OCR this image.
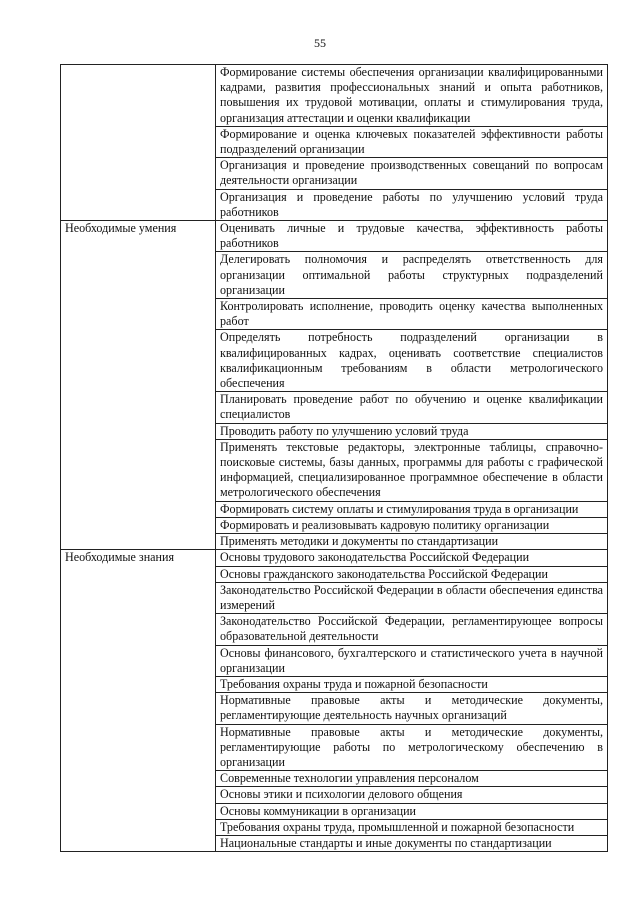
55
	Формирование системы обеспечения организации квалифицированными кадрами, развития профессиональных знаний и опыта работников, повышения их трудовой мотивации, оплаты и стимулирования труда, организация аттестации и оценки квалификации
	Формирование и оценка ключевых показателей эффективности работы подразделений организации
	Организация и проведение производственных совещаний по вопросам деятельности организации
	Организация и проведение работы по улучшению условий труда работников
Необходимые умения	Оценивать личные и трудовые качества, эффективность работы работников
	Делегировать полномочия и распределять ответственность для организации оптимальной работы структурных подразделений организации
	Контролировать исполнение, проводить оценку качества выполненных работ
	Определять потребность подразделений организации в квалифицированных кадрах, оценивать соответствие специалистов квалификационным требованиям в области метрологического обеспечения
	Планировать проведение работ по обучению и оценке квалификации специалистов
	Проводить работу по улучшению условий труда
	Применять текстовые редакторы, электронные таблицы, справочно-поисковые системы, базы данных, программы для работы с графической информацией, специализированное программное обеспечение в области метрологического обеспечения
	Формировать систему оплаты и стимулирования труда в организации
	Формировать и реализовывать кадровую политику организации
	Применять методики и документы по стандартизации
Необходимые знания	Основы трудового законодательства Российской Федерации
	Основы гражданского законодательства Российской Федерации
	Законодательство Российской Федерации в области обеспечения единства измерений
	Законодательство Российской Федерации, регламентирующее вопросы образовательной деятельности
	Основы финансового, бухгалтерского и статистического учета в научной организации
	Требования охраны труда и пожарной безопасности
	Нормативные правовые акты и методические документы, регламентирующие деятельность научных организаций
	Нормативные правовые акты и методические документы, регламентирующие работы по метрологическому обеспечению в организации
	Современные технологии управления персоналом
	Основы этики и психологии делового общения
	Основы коммуникации в организации
	Требования охраны труда, промышленной и пожарной безопасности
	Национальные стандарты и иные документы по стандартизации
